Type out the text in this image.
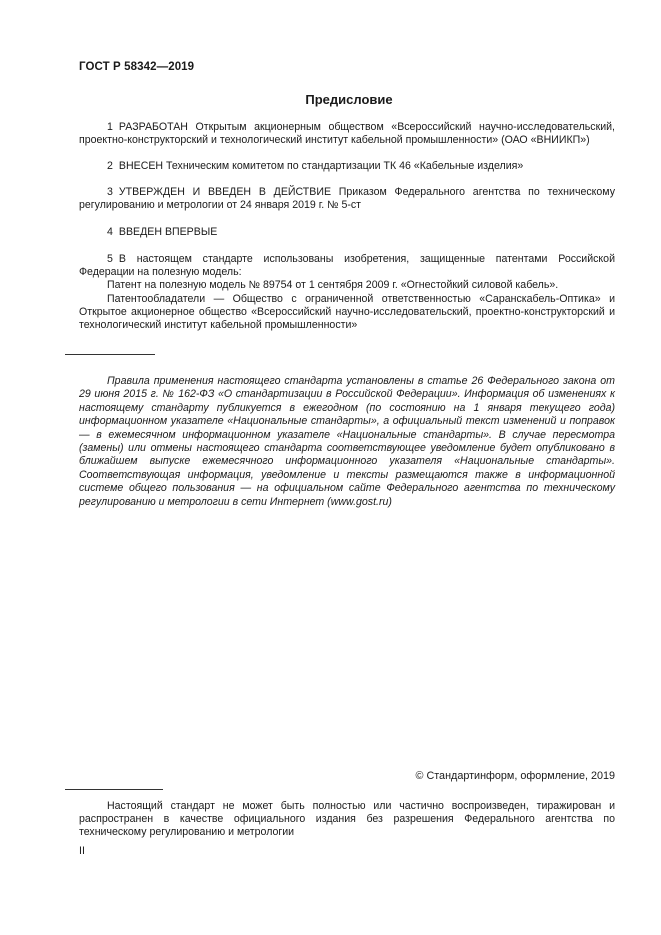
ГОСТ Р 58342—2019
Предисловие

1 РАЗРАБОТАН Открытым акционерным обществом «Всероссийский научно-исследовательский, проектно-конструкторский и технологический институт кабельной промышленности» (ОАО «ВНИИКП»)

2 ВНЕСЕН Техническим комитетом по стандартизации ТК 46 «Кабельные изделия»

3 УТВЕРЖДЕН И ВВЕДЕН В ДЕЙСТВИЕ Приказом Федерального агентства по техническому регулированию и метрологии от 24 января 2019 г. № 5-ст

4 ВВЕДЕН ВПЕРВЫЕ

5 В настоящем стандарте использованы изобретения, защищенные патентами Российской Федерации на полезную модель:
Патент на полезную модель № 89754 от 1 сентября 2009 г. «Огнестойкий силовой кабель».
Патентообладатели — Общество с ограниченной ответственностью «Саранскабель-Оптика» и Открытое акционерное общество «Всероссийский научно-исследовательский, проектно-конструкторский и технологический институт кабельной промышленности»

Правила применения настоящего стандарта установлены в статье 26 Федерального закона от 29 июня 2015 г. № 162-ФЗ «О стандартизации в Российской Федерации». Информация об изменениях к настоящему стандарту публикуется в ежегодном (по состоянию на 1 января текущего года) информационном указателе «Национальные стандарты», а официальный текст изменений и поправок — в ежемесячном информационном указателе «Национальные стандарты». В случае пересмотра (замены) или отмены настоящего стандарта соответствующее уведомление будет опубликовано в ближайшем выпуске ежемесячного информационного указателя «Национальные стандарты». Соответствующая информация, уведомление и тексты размещаются также в информационной системе общего пользования — на официальном сайте Федерального агентства по техническому регулированию и метрологии в сети Интернет (www.gost.ru)

© Стандартинформ, оформление, 2019

Настоящий стандарт не может быть полностью или частично воспроизведен, тиражирован и распространен в качестве официального издания без разрешения Федерального агентства по техническому регулированию и метрологии

II
